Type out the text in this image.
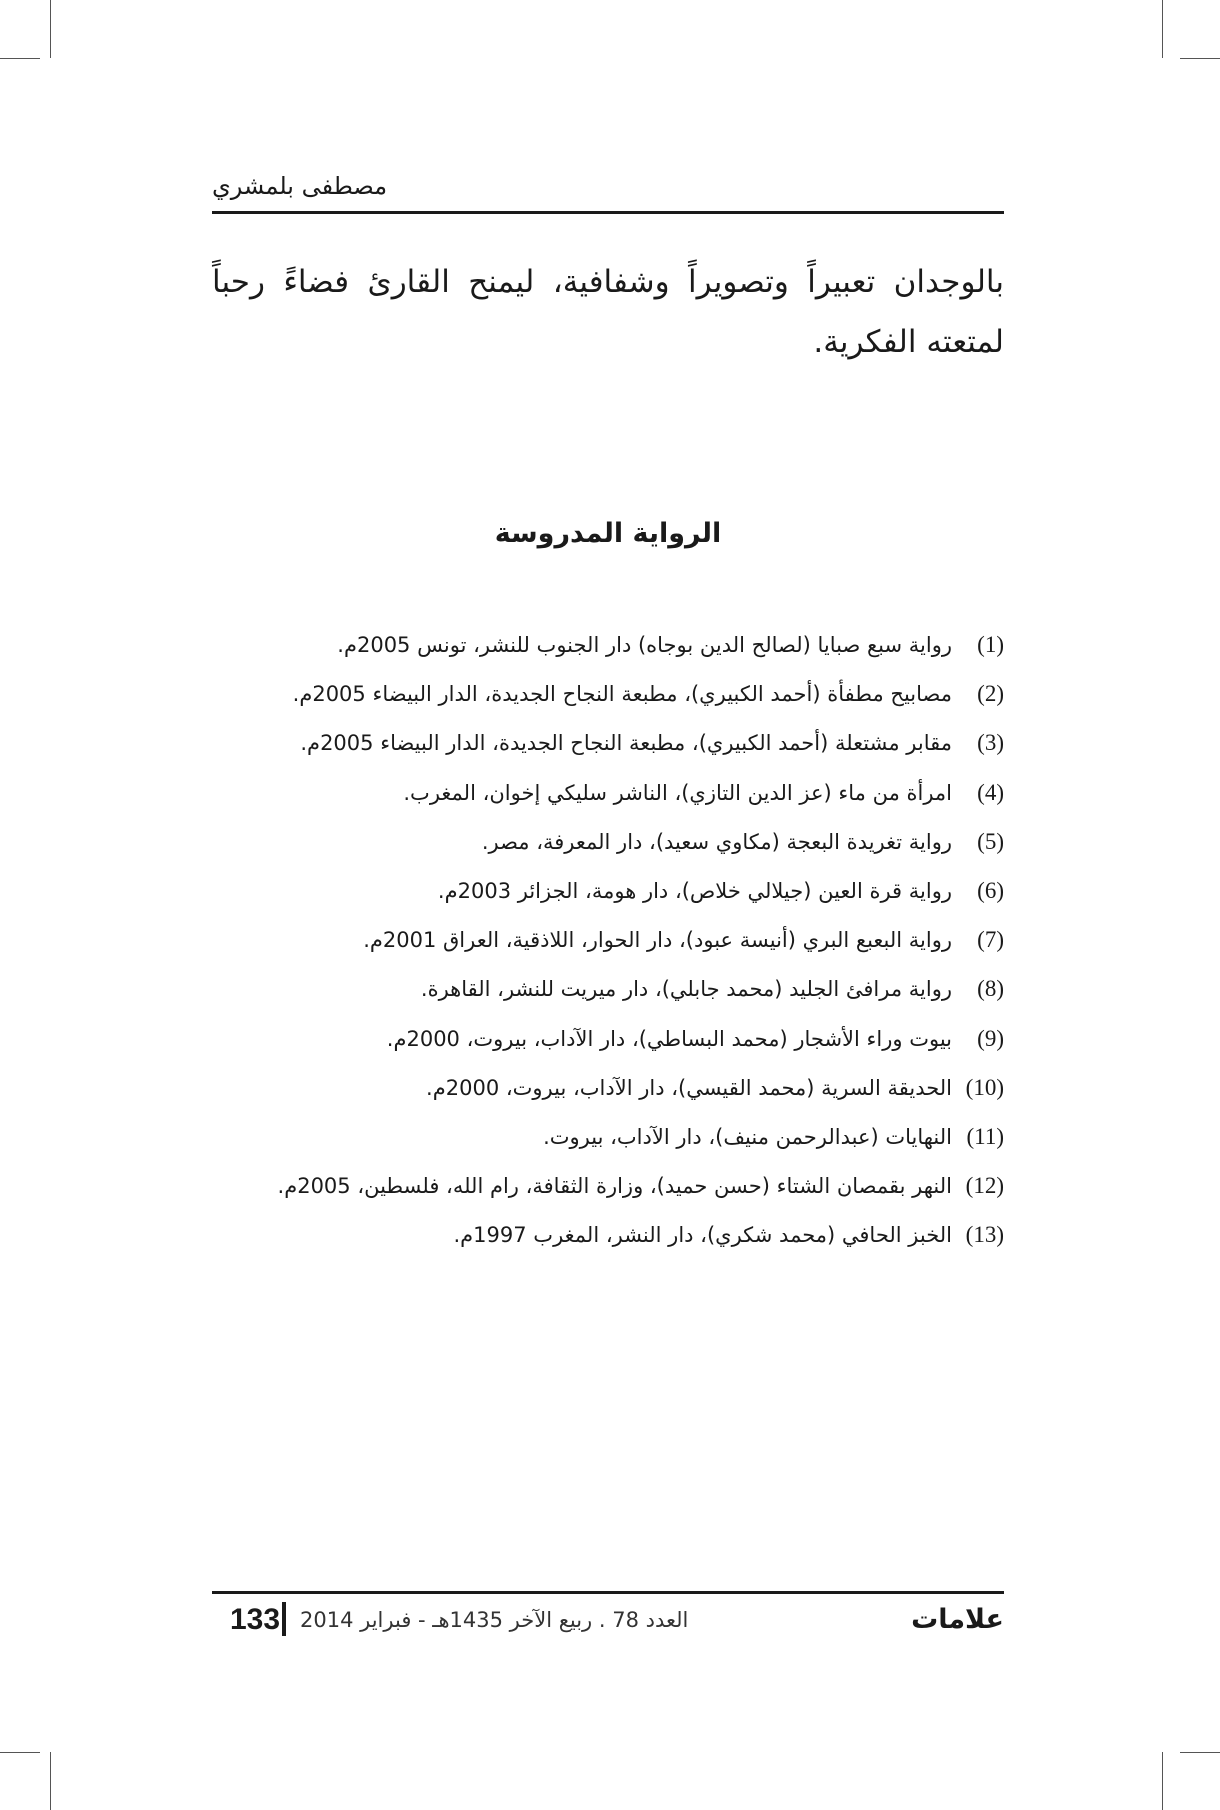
مصطفى بلمشري
بالوجدان تعبيراً وتصويراً وشفافية، ليمنح القارئ فضاءً رحباً لمتعته الفكرية.
الرواية المدروسة
(1)رواية سبع صبايا (لصالح الدين بوجاه) دار الجنوب للنشر، تونس 2005م.
(2)مصابيح مطفأة (أحمد الكبيري)، مطبعة النجاح الجديدة، الدار البيضاء 2005م.
(3)مقابر مشتعلة (أحمد الكبيري)، مطبعة النجاح الجديدة، الدار البيضاء 2005م.
(4)امرأة من ماء (عز الدين التازي)، الناشر سليكي إخوان، المغرب.
(5)رواية تغريدة البعجة (مكاوي سعيد)، دار المعرفة، مصر.
(6)رواية قرة العين (جيلالي خلاص)، دار هومة، الجزائر 2003م.
(7)رواية البعبع البري (أنيسة عبود)، دار الحوار، اللاذقية، العراق 2001م.
(8)رواية مرافئ الجليد (محمد جابلي)، دار ميريت للنشر، القاهرة.
(9)بيوت وراء الأشجار (محمد البساطي)، دار الآداب، بيروت، 2000م.
(10)الحديقة السرية (محمد القيسي)، دار الآداب، بيروت، 2000م.
(11)النهايات (عبدالرحمن منيف)، دار الآداب، بيروت.
(12)النهر بقمصان الشتاء (حسن حميد)، وزارة الثقافة، رام الله، فلسطين، 2005م.
(13)الخبز الحافي (محمد شكري)، دار النشر، المغرب 1997م.
133 العدد 78 . ربيع الآخر 1435هـ - فبراير 2014	علامات
